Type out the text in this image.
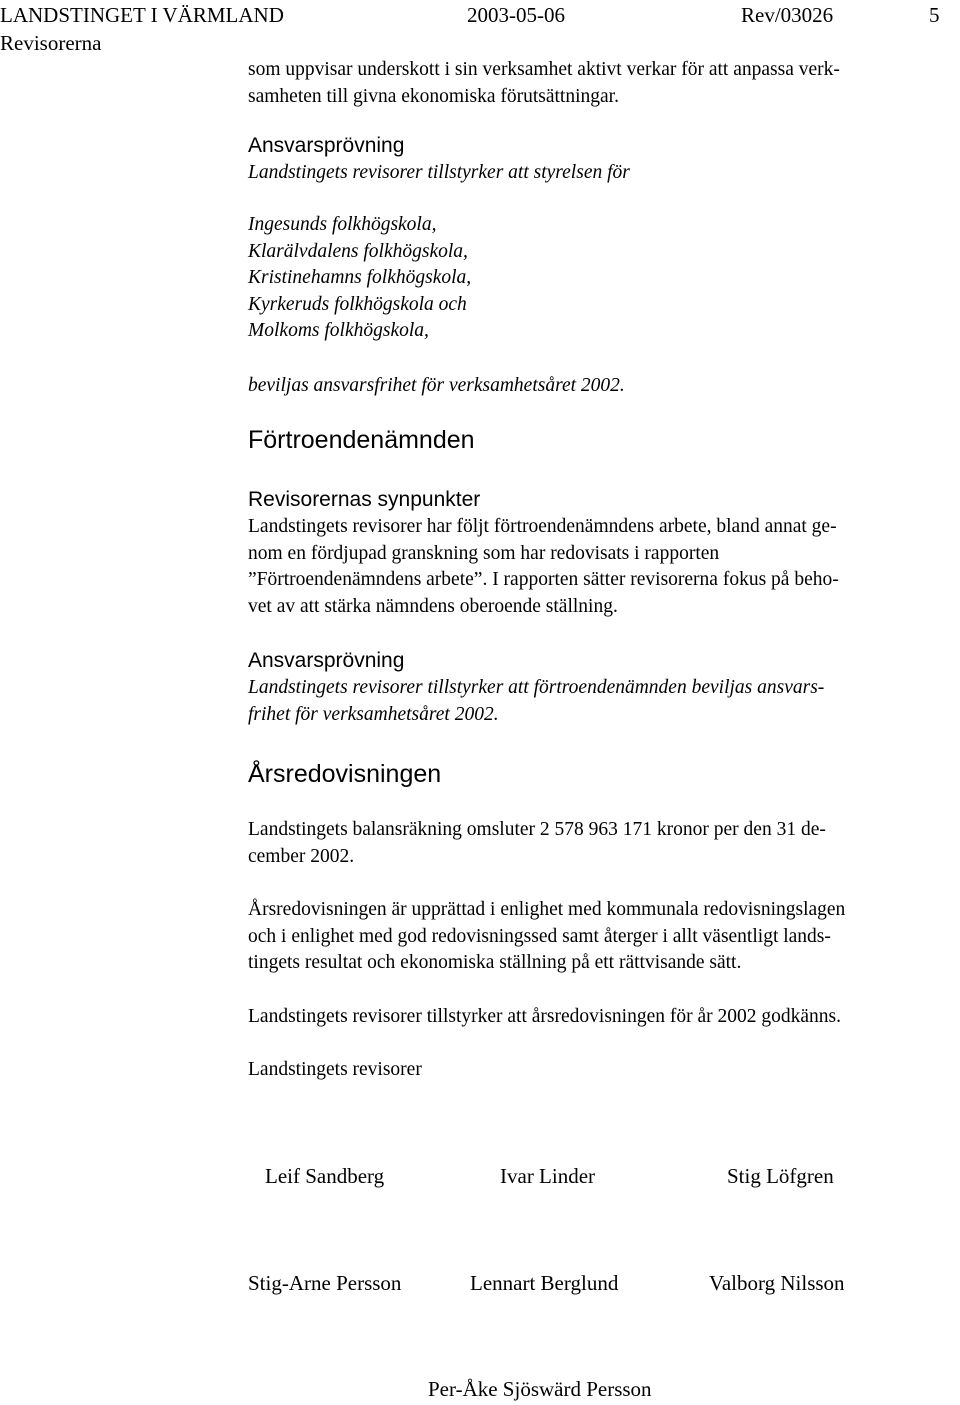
LANDSTINGET I VÄRMLAND	2003-05-06	Rev/03026	5
Revisorerna
som uppvisar underskott i sin verksamhet aktivt verkar för att anpassa verk-
samheten till givna ekonomiska förutsättningar.
Ansvarsprövning
Landstingets revisorer tillstyrker att styrelsen för
Ingesunds folkhögskola,
Klarälvdalens folkhögskola,
Kristinehamns folkhögskola,
Kyrkeruds folkhögskola och
Molkoms folkhögskola,
beviljas ansvarsfrihet för verksamhetsåret 2002.
Förtroendenämnden
Revisorernas synpunkter
Landstingets revisorer har följt förtroendenämndens arbete, bland annat ge-
nom en fördjupad granskning som har redovisats i rapporten
”Förtroendenämndens arbete”. I rapporten sätter revisorerna fokus på beho-
vet av att stärka nämndens oberoende ställning.
Ansvarsprövning
Landstingets revisorer tillstyrker att förtroendenämnden beviljas ansvars-
frihet för verksamhetsåret 2002.
Årsredovisningen
Landstingets balansräkning omsluter 2 578 963 171 kronor per den 31 de-
cember 2002.
Årsredovisningen är upprättad i enlighet med kommunala redovisningslagen
och i enlighet med god redovisningssed samt återger i allt väsentligt lands-
tingets resultat och ekonomiska ställning på ett rättvisande sätt.
Landstingets revisorer tillstyrker att årsredovisningen för år 2002 godkänns.
Landstingets revisorer
Leif Sandberg	Ivar Linder	Stig Löfgren
Stig-Arne Persson	Lennart Berglund	Valborg Nilsson
Per-Åke Sjöswärd Persson
